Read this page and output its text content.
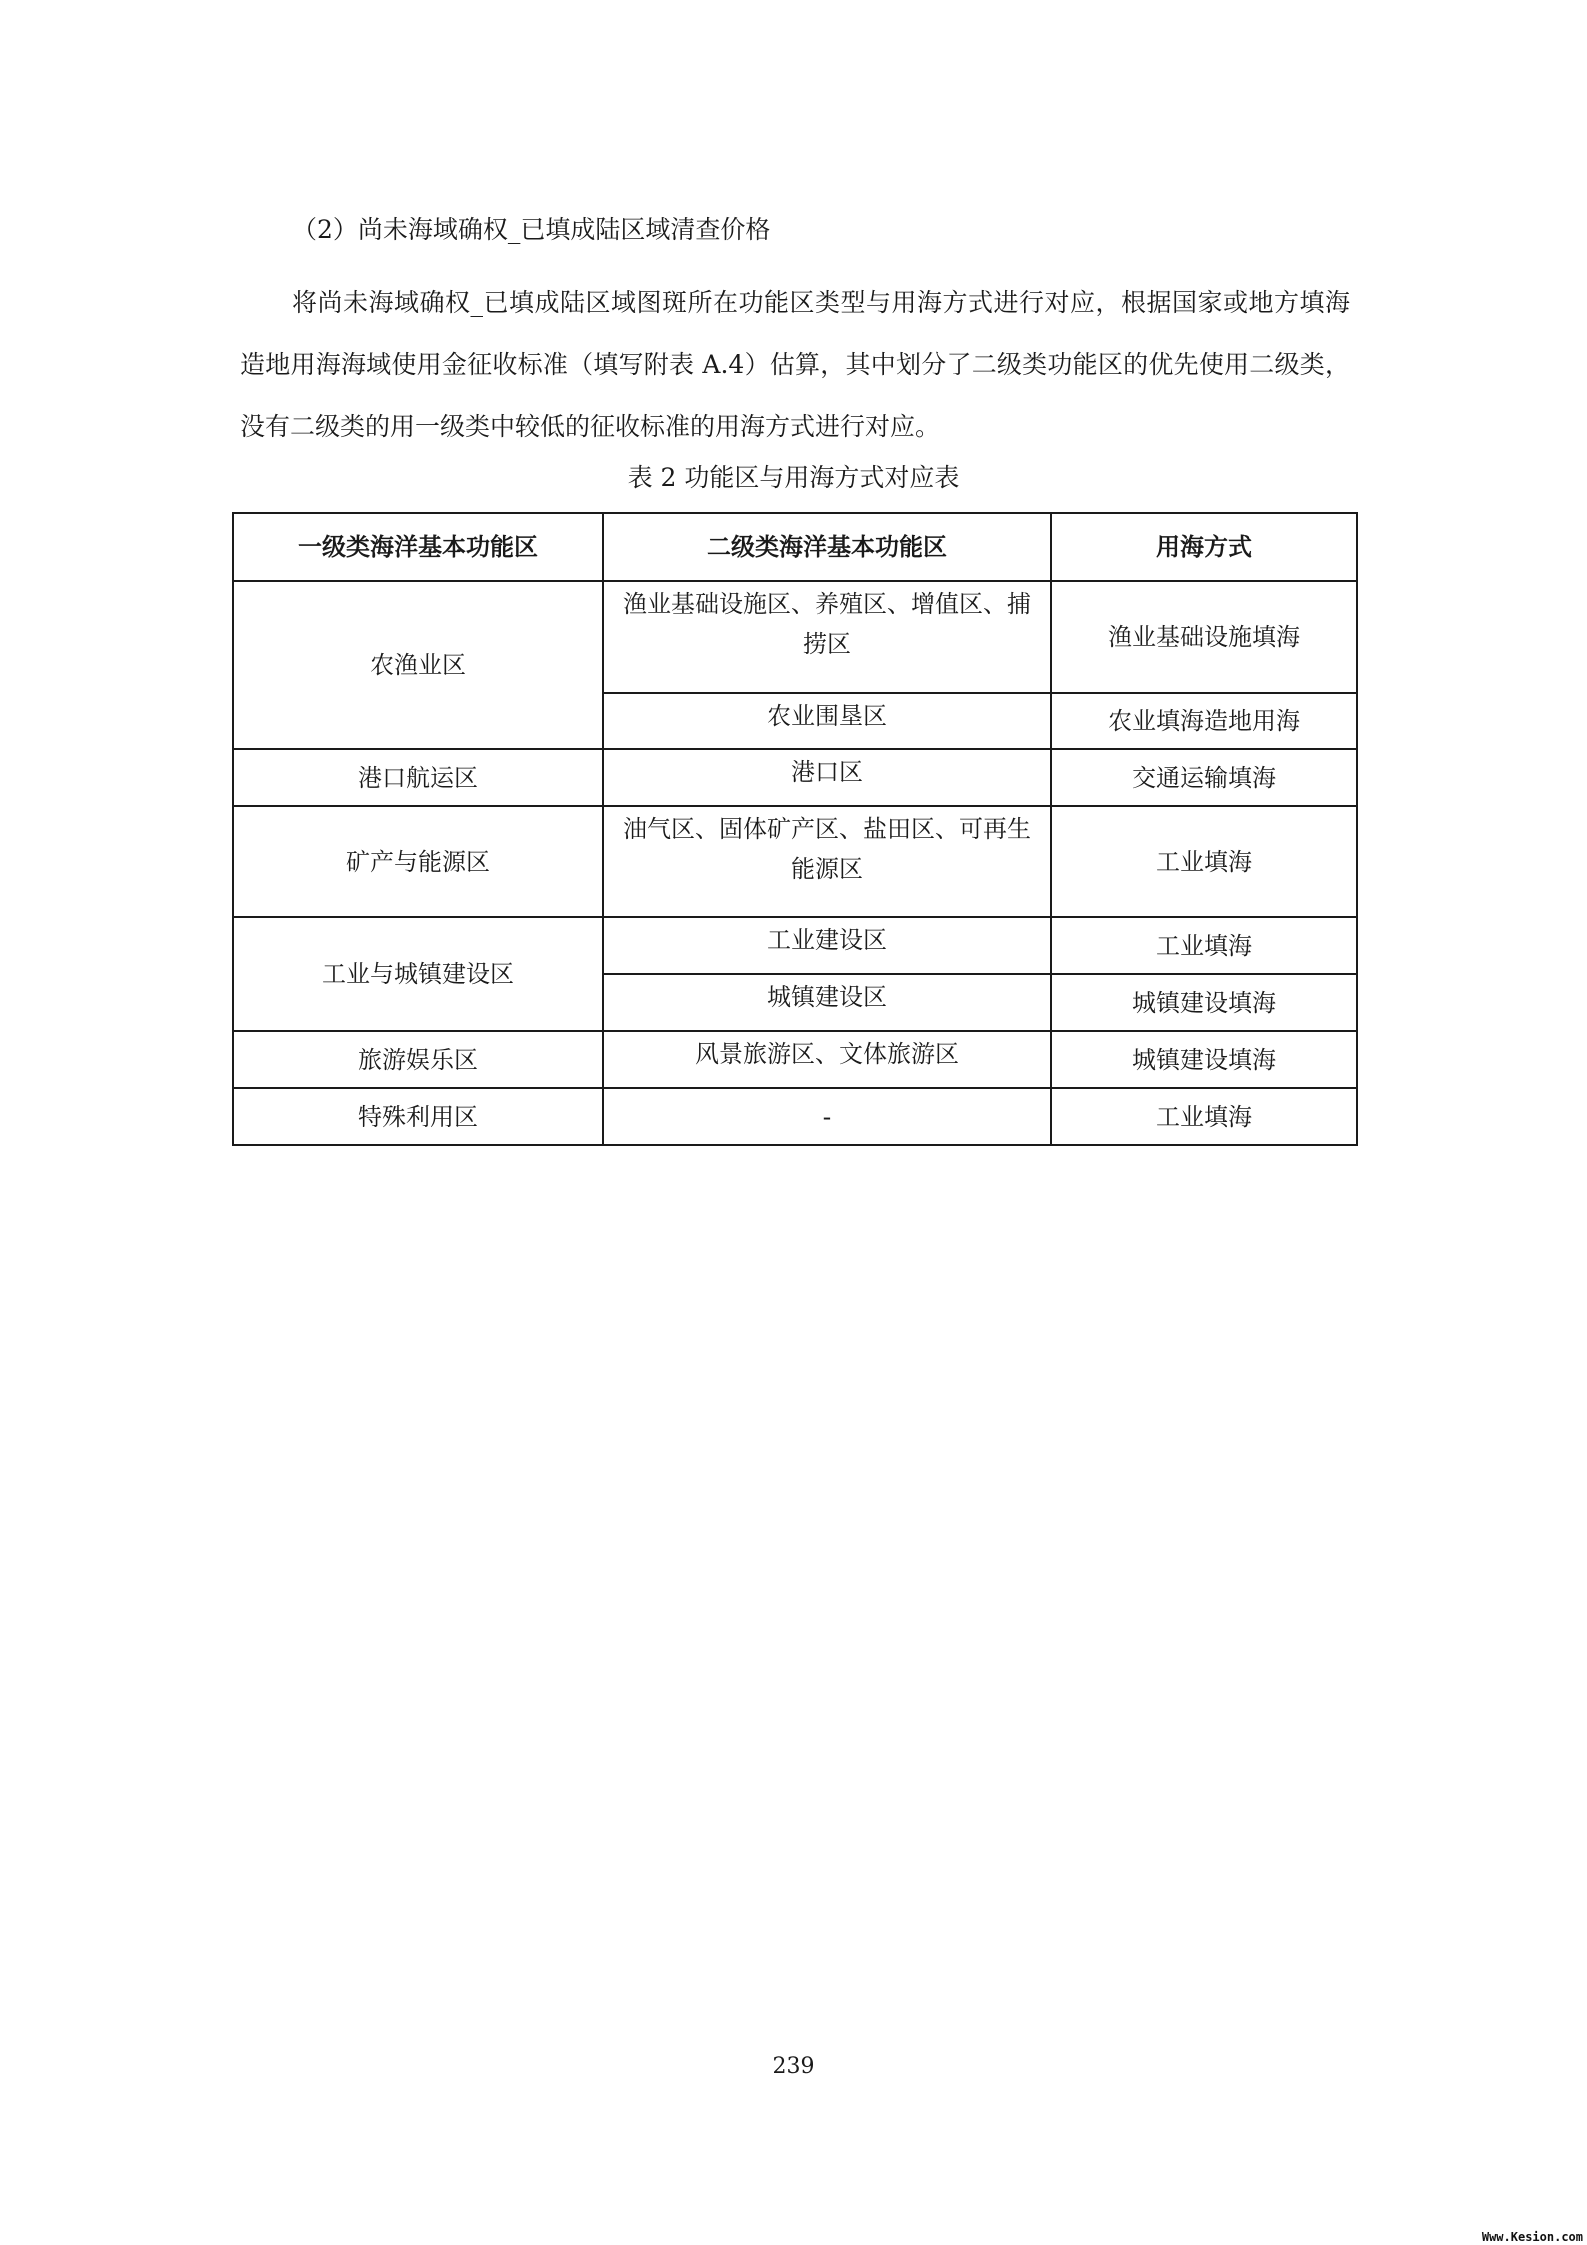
（2）尚未海域确权_已填成陆区域清查价格
将尚未海域确权_已填成陆区域图斑所在功能区类型与用海方式进行对应，根据国家或地方填海造地用海海域使用金征收标准（填写附表 A.4）估算，其中划分了二级类功能区的优先使用二级类，没有二级类的用一级类中较低的征收标准的用海方式进行对应。
表 2 功能区与用海方式对应表
一级类海洋基本功能区	二级类海洋基本功能区	用海方式
农渔业区	渔业基础设施区、养殖区、增值区、捕捞区	渔业基础设施填海
	农业围垦区	农业填海造地用海
港口航运区	港口区	交通运输填海
矿产与能源区	油气区、固体矿产区、盐田区、可再生能源区	工业填海
工业与城镇建设区	工业建设区	工业填海
	城镇建设区	城镇建设填海
旅游娱乐区	风景旅游区、文体旅游区	城镇建设填海
特殊利用区	-	工业填海
239
Www.Kesion.com
